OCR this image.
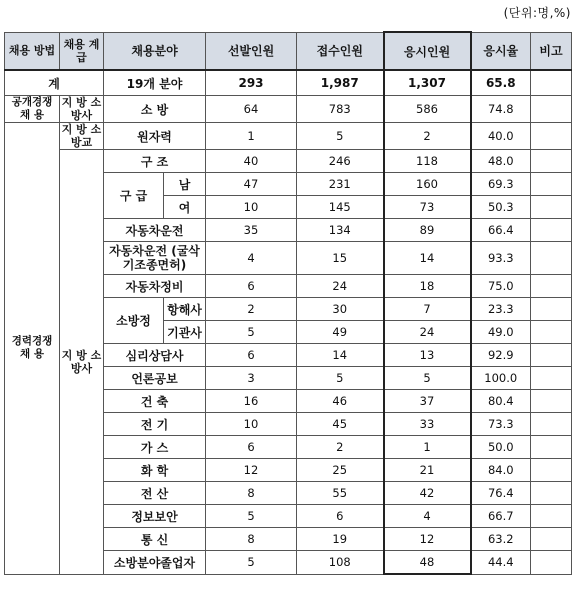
(단위:명,%)
채용 방법	채용 계급	채용분야		선발인원	접수인원	응시인원	응시율	비고
계		19개 분야		293	1,987	1,307	65.8	
공개경쟁 채 용	지 방 소방사	소 방		64	783	586	74.8	
경력경쟁 채 용	지 방 소방교	원자력		1	5	2	40.0	
	지 방 소방사	구 조		40	246	118	48.0	
		구 급	남	47	231	160	69.3	
			여	10	145	73	50.3	
		자동차운전		35	134	89	66.4	
		자동차운전 (굴삭기조종면허)		4	15	14	93.3	
		자동차정비		6	24	18	75.0	
		소방정	항해사	2	30	7	23.3	
			기관사	5	49	24	49.0	
		심리상담사		6	14	13	92.9	
		언론공보		3	5	5	100.0	
		건 축		16	46	37	80.4	
		전 기		10	45	33	73.3	
		가 스		6	2	1	50.0	
		화 학		12	25	21	84.0	
		전 산		8	55	42	76.4	
		정보보안		5	6	4	66.7	
		통 신		8	19	12	63.2	
		소방분야졸업자		5	108	48	44.4	
